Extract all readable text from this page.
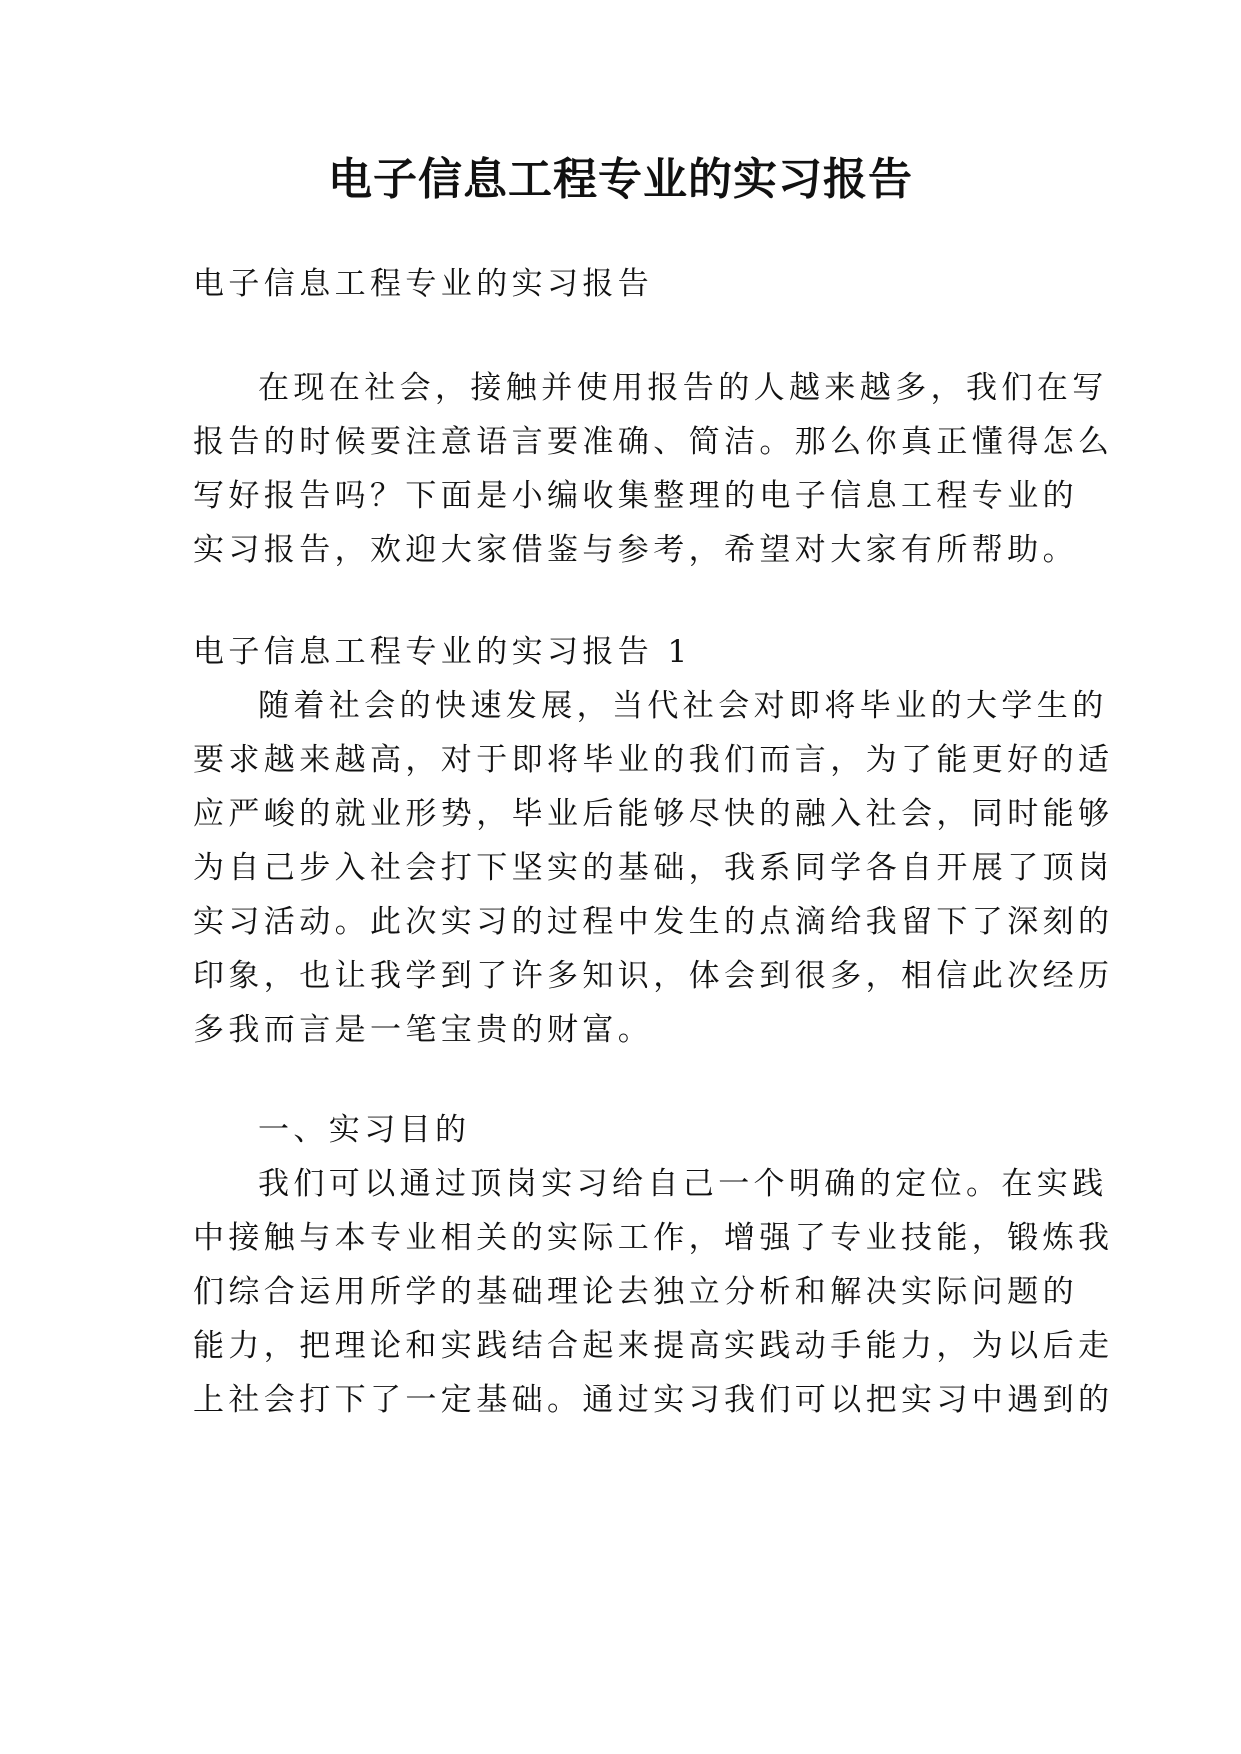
电子信息工程专业的实习报告
电子信息工程专业的实习报告
在现在社会，接触并使用报告的人越来越多，我们在写
报告的时候要注意语言要准确、简洁。那么你真正懂得怎么
写好报告吗？下面是小编收集整理的电子信息工程专业的
实习报告，欢迎大家借鉴与参考，希望对大家有所帮助。
电子信息工程专业的实习报告 1
随着社会的快速发展，当代社会对即将毕业的大学生的
要求越来越高，对于即将毕业的我们而言，为了能更好的适
应严峻的就业形势，毕业后能够尽快的融入社会，同时能够
为自己步入社会打下坚实的基础，我系同学各自开展了顶岗
实习活动。此次实习的过程中发生的点滴给我留下了深刻的
印象，也让我学到了许多知识，体会到很多，相信此次经历
多我而言是一笔宝贵的财富。
一、实习目的
我们可以通过顶岗实习给自己一个明确的定位。在实践
中接触与本专业相关的实际工作，增强了专业技能，锻炼我
们综合运用所学的基础理论去独立分析和解决实际问题的
能力，把理论和实践结合起来提高实践动手能力，为以后走
上社会打下了一定基础。通过实习我们可以把实习中遇到的
